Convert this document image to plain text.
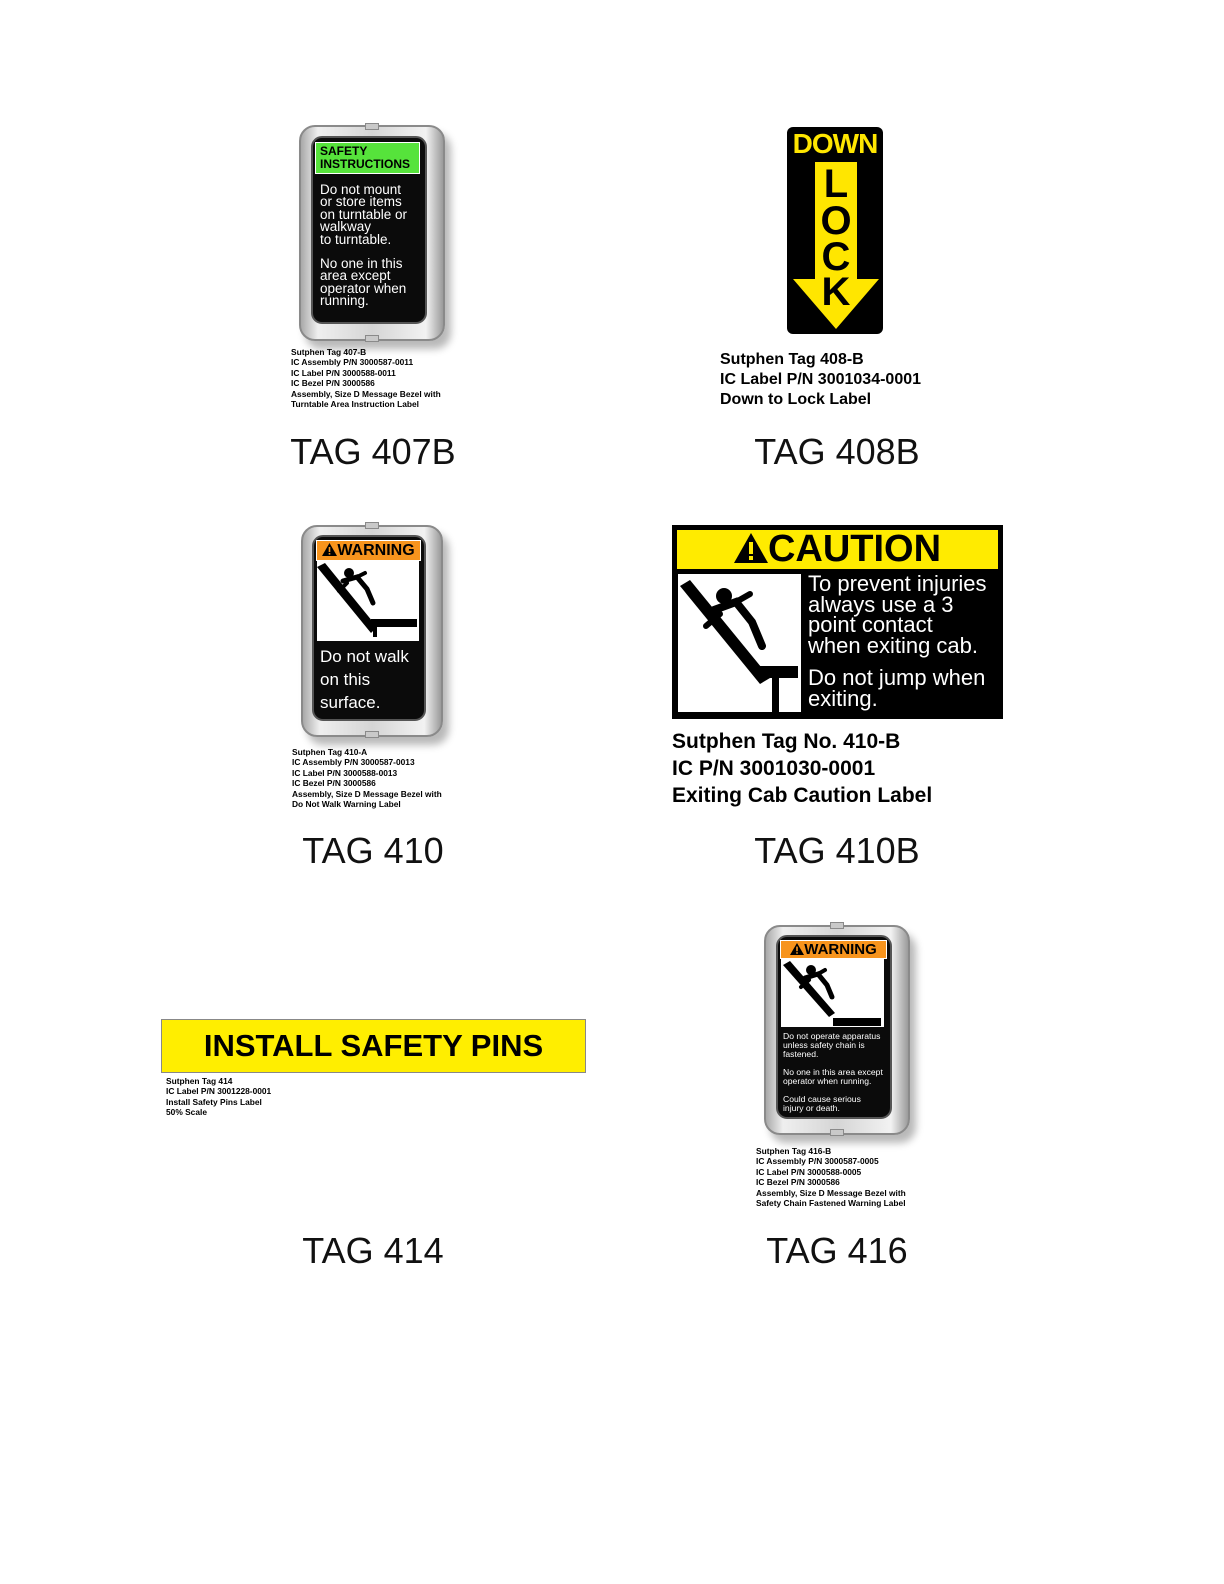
SAFETY
INSTRUCTIONS
Do not mount
or store items
on turntable or
walkway
to turntable.
No one in this
area except
operator when
running.
Sutphen Tag 407-B
IC Assembly P/N 3000587-0011
IC Label P/N 3000588-0011
IC Bezel P/N 3000586
Assembly, Size D Message Bezel with
Turntable Area Instruction Label
TAG 407B
DOWN
L
O
C
K
Sutphen Tag 408-B
IC Label P/N 3001034-0001
Down to Lock Label
TAG 408B
WARNING
Do not walk
on this
surface.
Sutphen Tag 410-A
IC Assembly P/N 3000587-0013
IC Label P/N 3000588-0013
IC Bezel P/N 3000586
Assembly, Size D Message Bezel with
Do Not Walk Warning Label
TAG 410
CAUTION
To prevent injuries
always use a 3
point contact
when exiting cab.
Do not jump when
exiting.
Sutphen Tag No. 410-B
IC P/N 3001030-0001
Exiting Cab Caution Label
TAG 410B
INSTALL SAFETY PINS
Sutphen Tag 414
IC Label P/N 3001228-0001
Install Safety Pins Label
50% Scale
TAG 414
WARNING
Do not operate apparatus
unless safety chain is
fastened.
No one in this area except
operator when running.
Could cause serious
injury or death.
Sutphen Tag 416-B
IC Assembly P/N 3000587-0005
IC Label P/N 3000588-0005
IC Bezel P/N 3000586
Assembly, Size D Message Bezel with
Safety Chain Fastened Warning Label
TAG 416
